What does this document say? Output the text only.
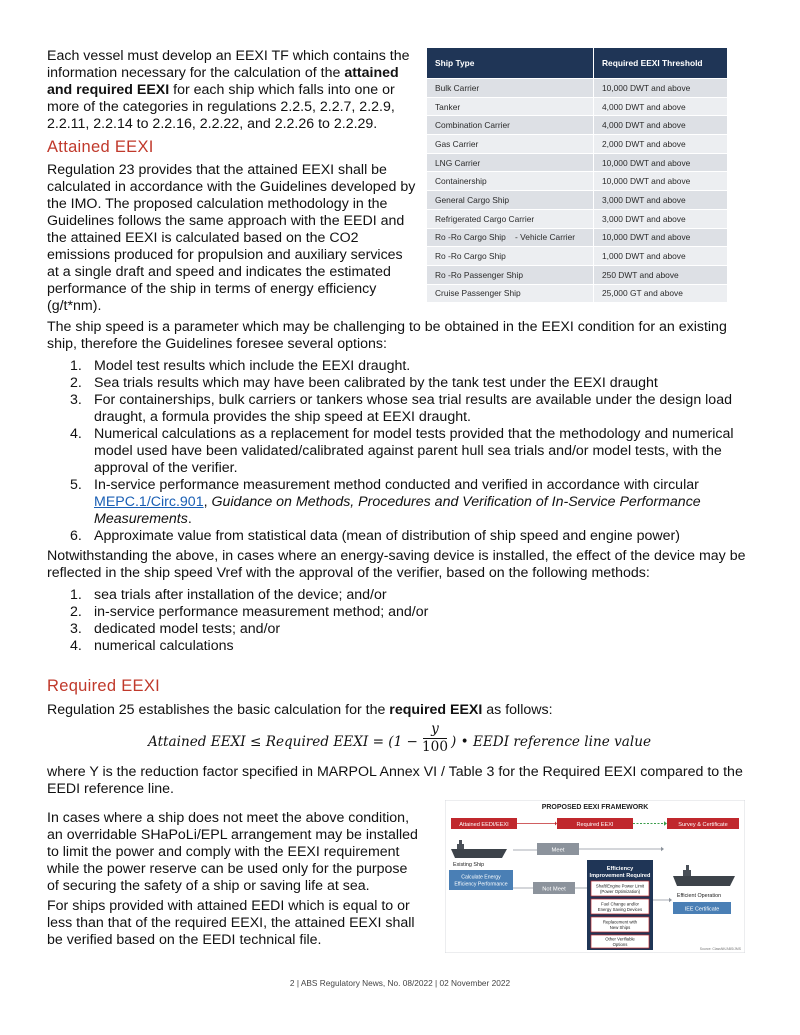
Each vessel must develop an EEXI TF which contains the information necessary for the calculation of the attained and required EEXI for each ship which falls into one or more of the categories in regulations 2.2.5, 2.2.7, 2.2.9, 2.2.11, 2.2.14 to 2.2.16, 2.2.22, and 2.2.26 to 2.2.29.

Attained EEXI

Regulation 23 provides that the attained EEXI shall be calculated in accordance with the Guidelines developed by the IMO. The proposed calculation methodology in the Guidelines follows the same approach with the EEDI and the attained EEXI is calculated based on the CO2 emissions produced for propulsion and auxiliary services at a single draft and speed and indicates the estimated performance of the ship in terms of energy efficiency (g/t*nm).

Ship Type	Required EEXI Threshold
Bulk Carrier	10,000 DWT and above
Tanker	4,000 DWT and above
Combination Carrier	4,000 DWT and above
Gas Carrier	2,000 DWT and above
LNG Carrier	10,000 DWT and above
Containership	10,000 DWT and above
General Cargo Ship	3,000 DWT and above
Refrigerated Cargo Carrier	3,000 DWT and above
Ro -Ro Cargo Ship    - Vehicle Carrier	10,000 DWT and above
Ro -Ro Cargo Ship	1,000 DWT and above
Ro -Ro Passenger Ship	250 DWT and above
Cruise Passenger Ship	25,000 GT and above

The ship speed is a parameter which may be challenging to be obtained in the EEXI condition for an existing ship, therefore the Guidelines foresee several options:

1. Model test results which include the EEXI draught.
2. Sea trials results which may have been calibrated by the tank test under the EEXI draught
3. For containerships, bulk carriers or tankers whose sea trial results are available under the design load draught, a formula provides the ship speed at EEXI draught.
4. Numerical calculations as a replacement for model tests provided that the methodology and numerical model used have been validated/calibrated against parent hull sea trials and/or model tests, with the approval of the verifier.
5. In-service performance measurement method conducted and verified in accordance with circular MEPC.1/Circ.901, Guidance on Methods, Procedures and Verification of In-Service Performance Measurements.
6. Approximate value from statistical data (mean of distribution of ship speed and engine power)

Notwithstanding the above, in cases where an energy-saving device is installed, the effect of the device may be reflected in the ship speed Vref with the approval of the verifier, based on the following methods:

1. sea trials after installation of the device; and/or
2. in-service performance measurement method; and/or
3. dedicated model tests; and/or
4. numerical calculations
Required EEXI

Regulation 25 establishes the basic calculation for the required EEXI as follows:

Attained EEXI ≤ Required EEXI = (1 −
y
100 ) • EEDI reference line value

where Y is the reduction factor specified in MARPOL Annex VI / Table 3 for the Required EEXI compared to the EEDI reference line.

In cases where a ship does not meet the above condition, an overridable SHaPoLi/EPL arrangement may be installed to limit the power and comply with the EEXI requirement while the power reserve can be used only for the purpose of securing the safety of a ship or saving life at sea.

For ships provided with attained EEDI which is equal to or less than that of the required EEXI, the attained EEXI shall be verified based on the EEDI technical file.

PROPOSED EEXI FRAMEWORK
Attained EEDI/EEXI	Required EEXI	Survey & Certificate
Existing Ship
Calculate Energy
Efficiency Performance
Meet
Not Meet
Efficiency
Improvement Required
Shaft/Engine Power Limit
(Power Optimization)
Fuel Change and/or
Energy Saving Devices
Replacement with
New Ships
Other Verifiable
Options
Efficient Operation
IEE Certificate
Source: ClassNK/ABS/JMS
2 | ABS Regulatory News, No. 08/2022 | 02 November 2022
